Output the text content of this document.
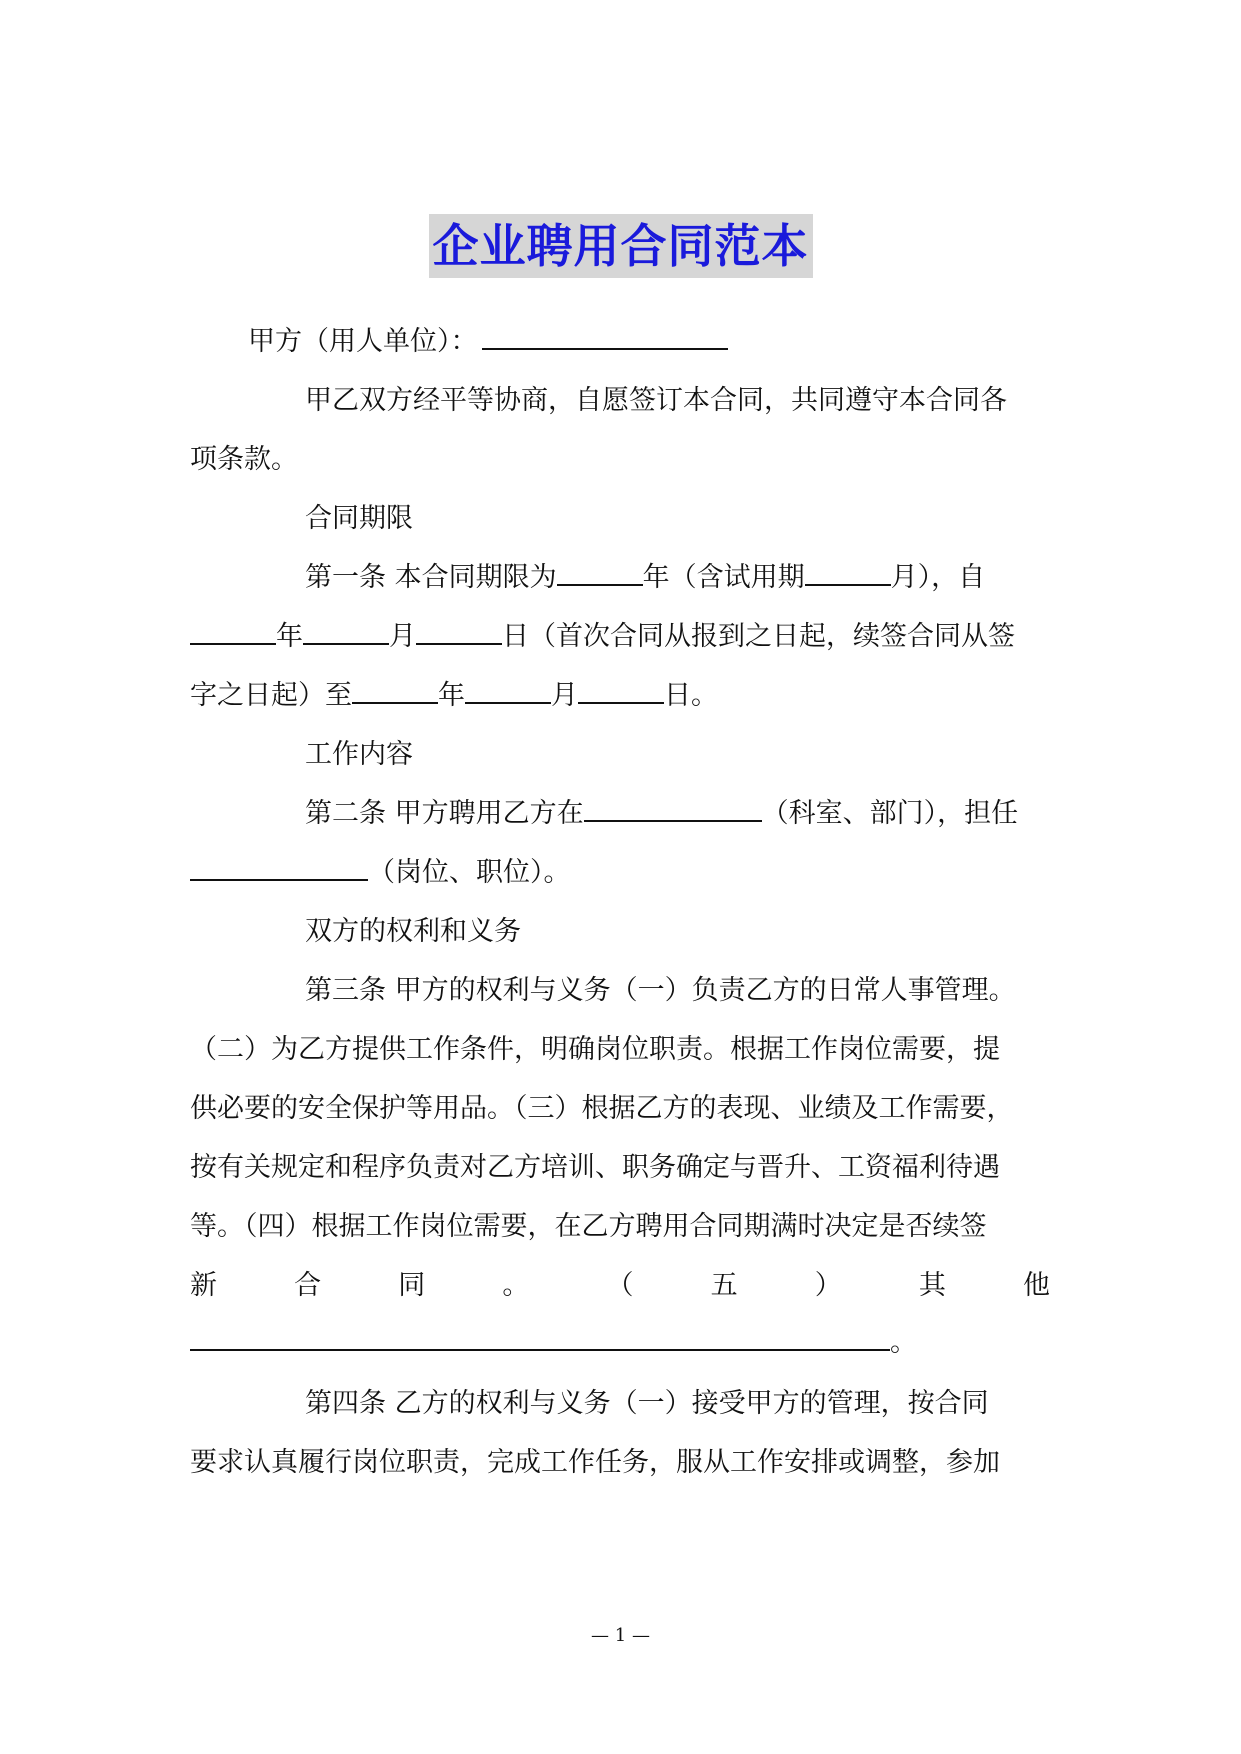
企业聘用合同范本
甲方（用人单位）：
甲乙双方经平等协商，自愿签订本合同，共同遵守本合同各
项条款。
合同期限
第一条 本合同期限为	年（含试用期	月），自
年	月	日（首次合同从报到之日起，续签合同从签
字之日起）至	年	月	日。
工作内容
第二条 甲方聘用乙方在	（科室、部门），担任
（岗位、职位）。
双方的权利和义务
第三条 甲方的权利与义务（一）负责乙方的日常人事管理。
（二）为乙方提供工作条件，明确岗位职责。根据工作岗位需要，提
供必要的安全保护等用品。（三）根据乙方的表现、业绩及工作需要，
按有关规定和程序负责对乙方培训、职务确定与晋升、工资福利待遇
等。（四）根据工作岗位需要，在乙方聘用合同期满时决定是否续签
新	合	同	。	（	五	）	其	他
。
第四条 乙方的权利与义务（一）接受甲方的管理，按合同
要求认真履行岗位职责，完成工作任务，服从工作安排或调整，参加
— 1 —
